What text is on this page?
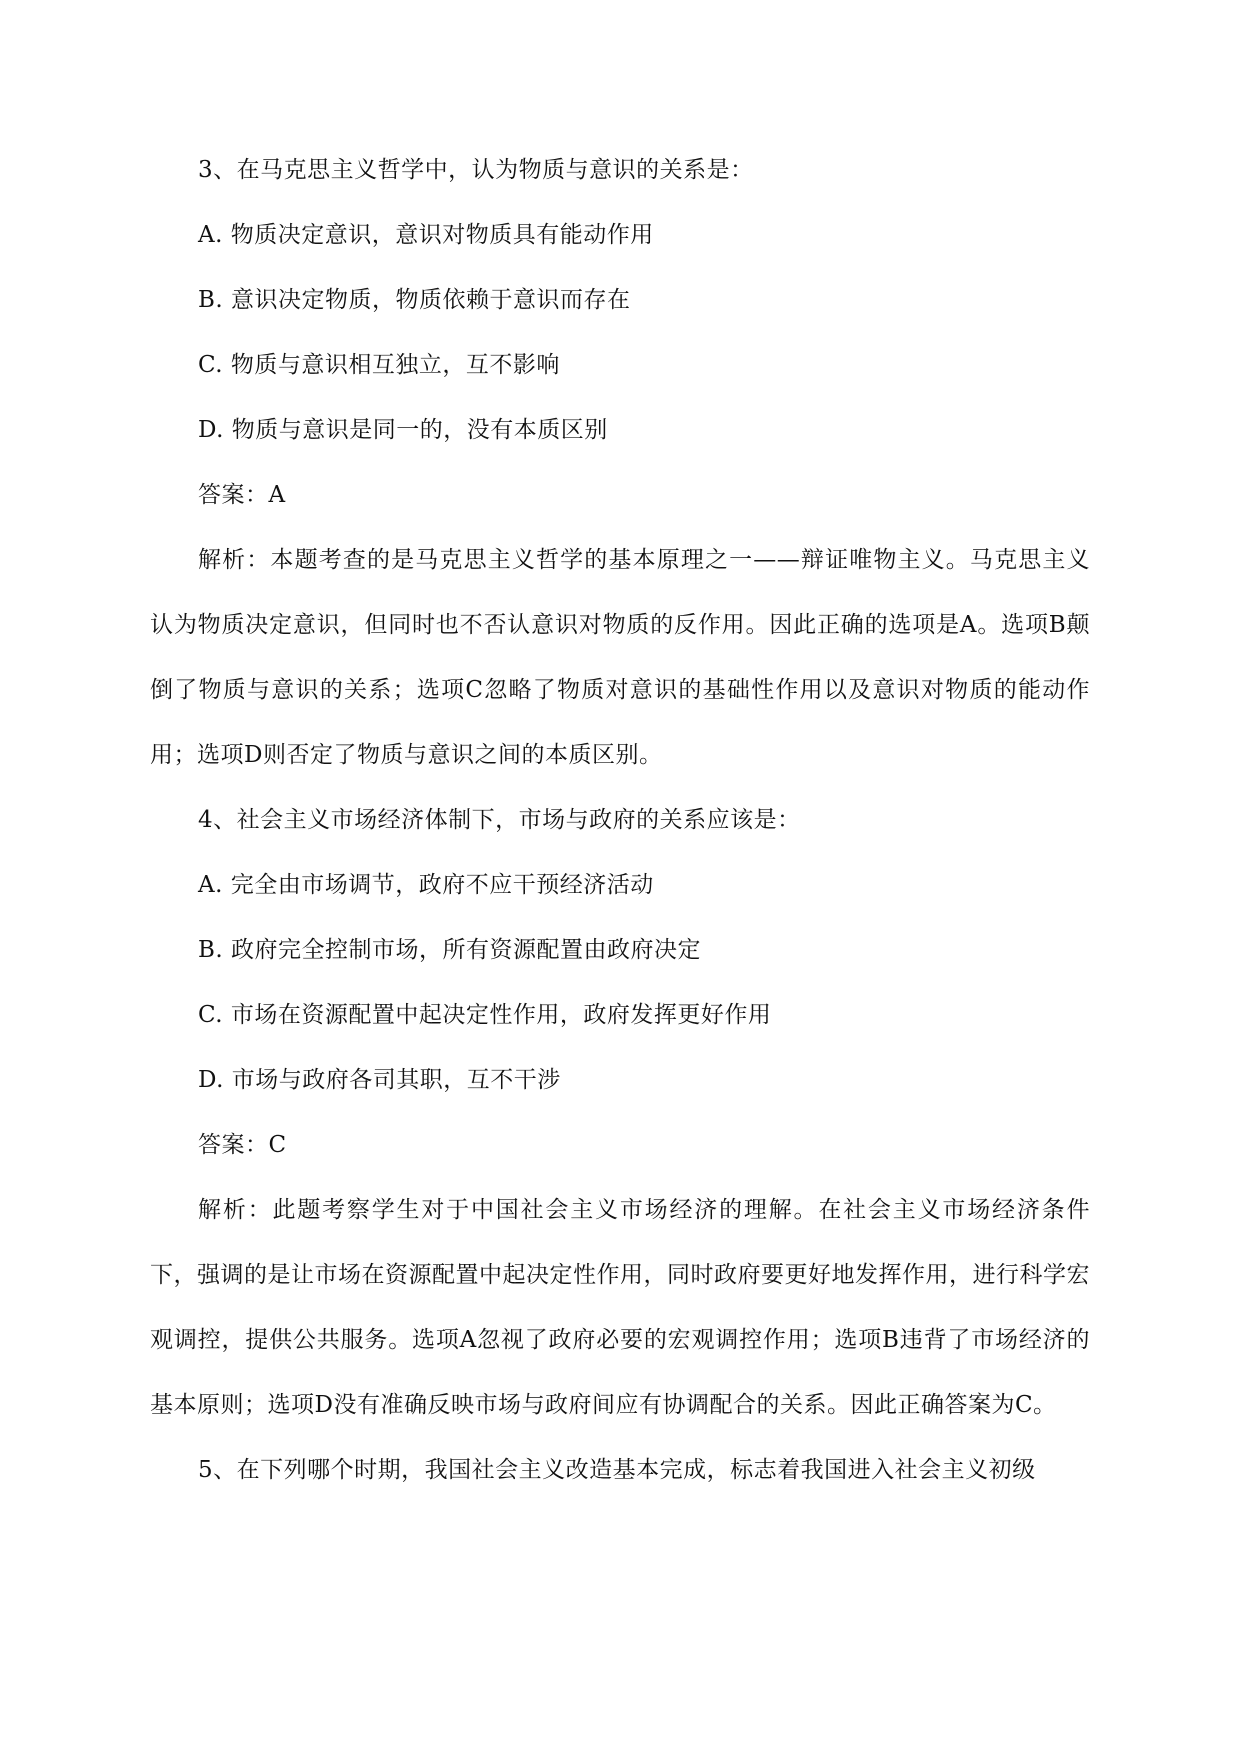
3、在马克思主义哲学中，认为物质与意识的关系是：
A. 物质决定意识，意识对物质具有能动作用
B. 意识决定物质，物质依赖于意识而存在
C. 物质与意识相互独立，互不影响
D. 物质与意识是同一的，没有本质区别
答案：A
解析：本题考查的是马克思主义哲学的基本原理之一——辩证唯物主义。马克思主义认为物质决定意识，但同时也不否认意识对物质的反作用。因此正确的选项是A。选项B颠倒了物质与意识的关系；选项C忽略了物质对意识的基础性作用以及意识对物质的能动作用；选项D则否定了物质与意识之间的本质区别。
4、社会主义市场经济体制下，市场与政府的关系应该是：
A. 完全由市场调节，政府不应干预经济活动
B. 政府完全控制市场，所有资源配置由政府决定
C. 市场在资源配置中起决定性作用，政府发挥更好作用
D. 市场与政府各司其职，互不干涉
答案：C
解析：此题考察学生对于中国社会主义市场经济的理解。在社会主义市场经济条件下，强调的是让市场在资源配置中起决定性作用，同时政府要更好地发挥作用，进行科学宏观调控，提供公共服务。选项A忽视了政府必要的宏观调控作用；选项B违背了市场经济的基本原则；选项D没有准确反映市场与政府间应有协调配合的关系。因此正确答案为C。
5、在下列哪个时期，我国社会主义改造基本完成，标志着我国进入社会主义初级
